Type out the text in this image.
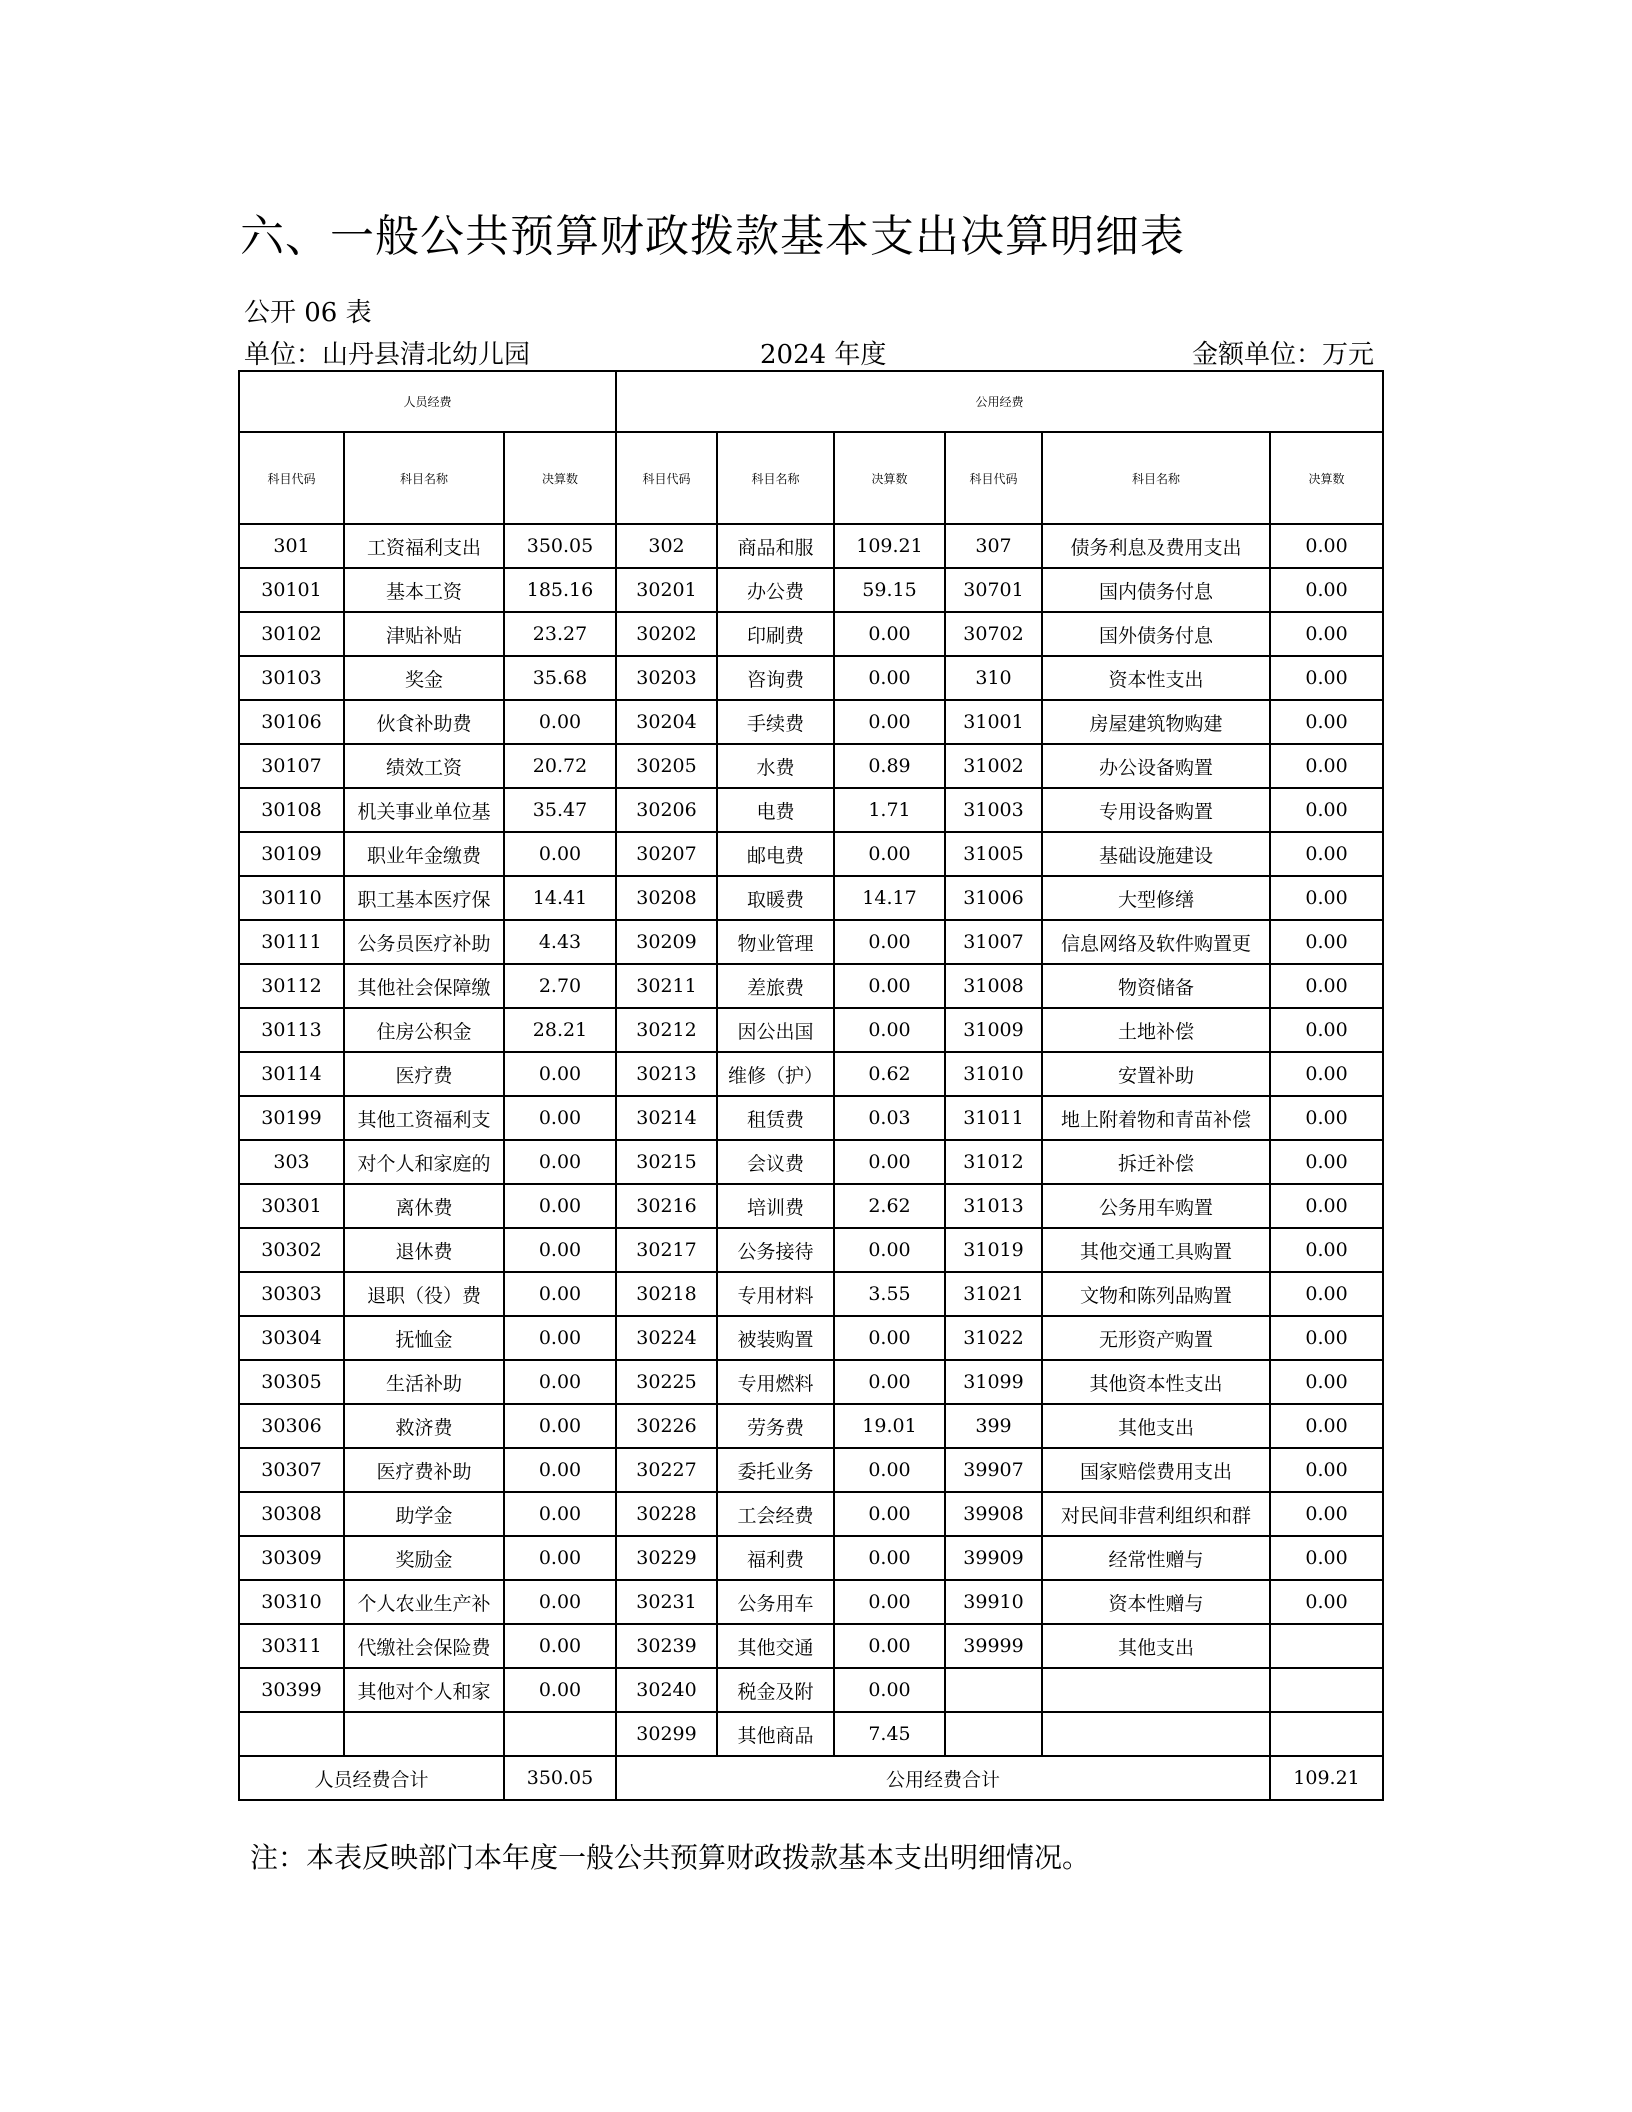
六、一般公共预算财政拨款基本支出决算明细表
公开 06 表
单位：山丹县清北幼儿园	2024 年度	金额单位：万元
人员经费			公用经费					
科目代码	科目名称	决算数	科目代码	科目名称	决算数	科目代码	科目名称	决算数
301	工资福利支出	350.05	302	商品和服	109.21	307	债务利息及费用支出	0.00
30101	基本工资	185.16	30201	办公费	59.15	30701	国内债务付息	0.00
30102	津贴补贴	23.27	30202	印刷费	0.00	30702	国外债务付息	0.00
30103	奖金	35.68	30203	咨询费	0.00	310	资本性支出	0.00
30106	伙食补助费	0.00	30204	手续费	0.00	31001	房屋建筑物购建	0.00
30107	绩效工资	20.72	30205	水费	0.89	31002	办公设备购置	0.00
30108	机关事业单位基	35.47	30206	电费	1.71	31003	专用设备购置	0.00
30109	职业年金缴费	0.00	30207	邮电费	0.00	31005	基础设施建设	0.00
30110	职工基本医疗保	14.41	30208	取暖费	14.17	31006	大型修缮	0.00
30111	公务员医疗补助	4.43	30209	物业管理	0.00	31007	信息网络及软件购置更	0.00
30112	其他社会保障缴	2.70	30211	差旅费	0.00	31008	物资储备	0.00
30113	住房公积金	28.21	30212	因公出国	0.00	31009	土地补偿	0.00
30114	医疗费	0.00	30213	维修（护）	0.62	31010	安置补助	0.00
30199	其他工资福利支	0.00	30214	租赁费	0.03	31011	地上附着物和青苗补偿	0.00
303	对个人和家庭的	0.00	30215	会议费	0.00	31012	拆迁补偿	0.00
30301	离休费	0.00	30216	培训费	2.62	31013	公务用车购置	0.00
30302	退休费	0.00	30217	公务接待	0.00	31019	其他交通工具购置	0.00
30303	退职（役）费	0.00	30218	专用材料	3.55	31021	文物和陈列品购置	0.00
30304	抚恤金	0.00	30224	被装购置	0.00	31022	无形资产购置	0.00
30305	生活补助	0.00	30225	专用燃料	0.00	31099	其他资本性支出	0.00
30306	救济费	0.00	30226	劳务费	19.01	399	其他支出	0.00
30307	医疗费补助	0.00	30227	委托业务	0.00	39907	国家赔偿费用支出	0.00
30308	助学金	0.00	30228	工会经费	0.00	39908	对民间非营利组织和群	0.00
30309	奖励金	0.00	30229	福利费	0.00	39909	经常性赠与	0.00
30310	个人农业生产补	0.00	30231	公务用车	0.00	39910	资本性赠与	0.00
30311	代缴社会保险费	0.00	30239	其他交通	0.00	39999	其他支出	
30399	其他对个人和家	0.00	30240	税金及附	0.00			
			30299	其他商品	7.45			
人员经费合计		350.05	公用经费合计					109.21
注：本表反映部门本年度一般公共预算财政拨款基本支出明细情况。
